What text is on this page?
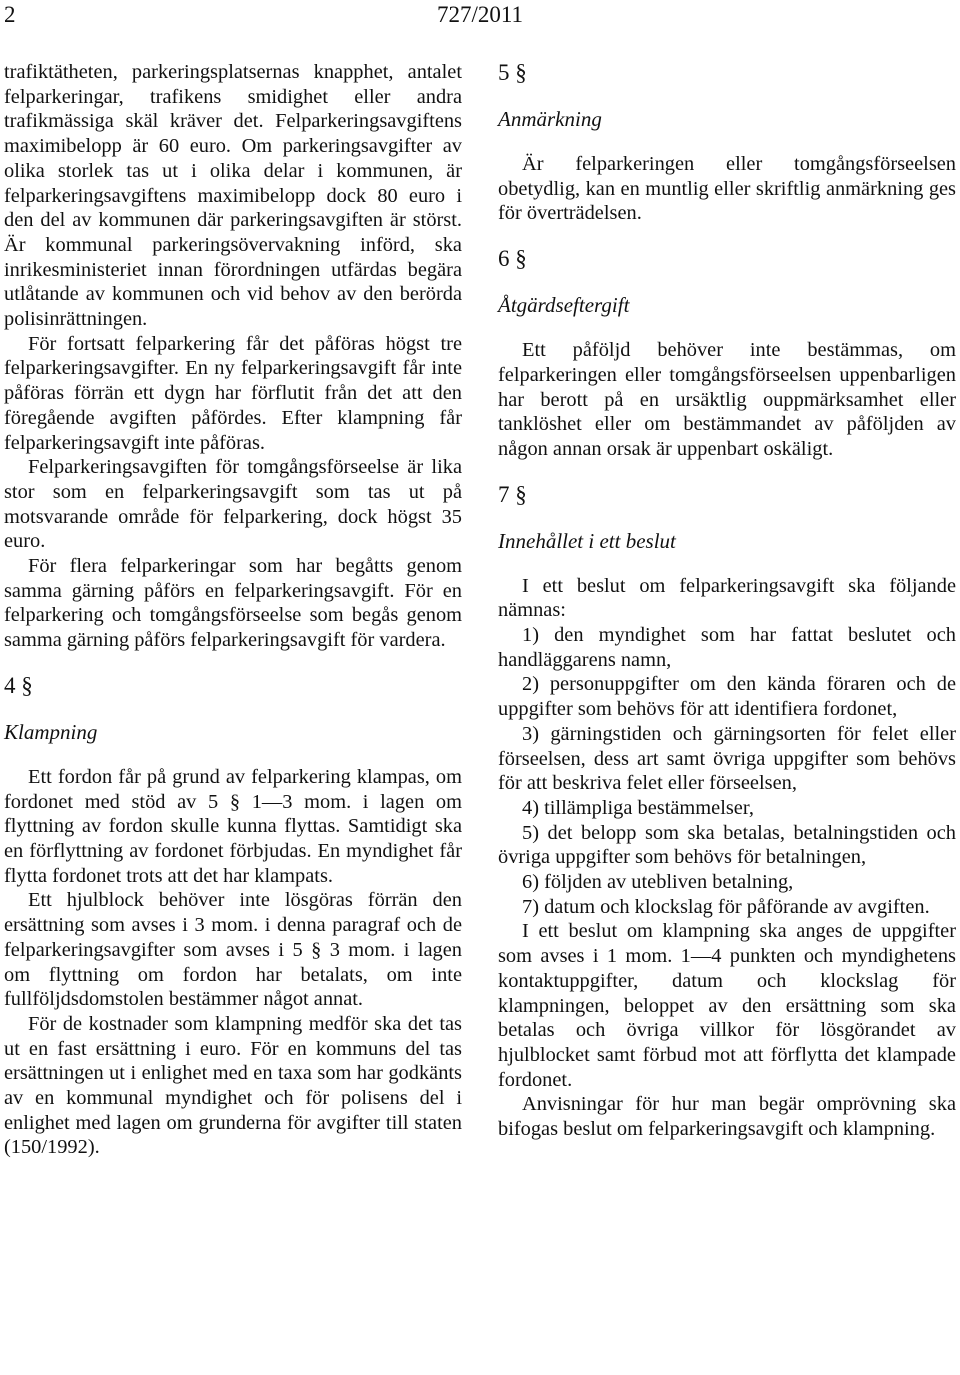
2	727/2011

trafiktätheten, parkeringsplatsernas knapphet, antalet felparkeringar, trafikens smidighet eller andra trafikmässiga skäl kräver det. Felparkeringsavgiftens maximibelopp är 60 euro. Om parkeringsavgifter av olika storlek tas ut i olika delar i kommunen, är felparkeringsavgiftens maximibelopp dock 80 euro i den del av kommunen där parkeringsavgiften är störst. Är kommunal parkeringsövervakning införd, ska inrikesministeriet innan förordningen utfärdas begära utlåtande av kommunen och vid behov av den berörda polisinrättningen.

För fortsatt felparkering får det påföras högst tre felparkeringsavgifter. En ny felparkeringsavgift får inte påföras förrän ett dygn har förflutit från det att den föregående avgiften påfördes. Efter klampning får felparkeringsavgift inte påföras.

Felparkeringsavgiften för tomgångsförseelse är lika stor som en felparkeringsavgift som tas ut på motsvarande område för felparkering, dock högst 35 euro.

För flera felparkeringar som har begåtts genom samma gärning påförs en felparkeringsavgift. För en felparkering och tomgångsförseelse som begås genom samma gärning påförs felparkeringsavgift för vardera.

4 §

Klampning

Ett fordon får på grund av felparkering klampas, om fordonet med stöd av 5 § 1—3 mom. i lagen om flyttning av fordon skulle kunna flyttas. Samtidigt ska en förflyttning av fordonet förbjudas. En myndighet får flytta fordonet trots att det har klampats.

Ett hjulblock behöver inte lösgöras förrän den ersättning som avses i 3 mom. i denna paragraf och de felparkeringsavgifter som avses i 5 § 3 mom. i lagen om flyttning om fordon har betalats, om inte fullföljdsdomstolen bestämmer något annat.

För de kostnader som klampning medför ska det tas ut en fast ersättning i euro. För en kommuns del tas ersättningen ut i enlighet med en taxa som har godkänts av en kommunal myndighet och för polisens del i enlighet med lagen om grunderna för avgifter till staten (150/1992).

5 §

Anmärkning

Är felparkeringen eller tomgångsförseelsen obetydlig, kan en muntlig eller skriftlig anmärkning ges för överträdelsen.

6 §

Åtgärdseftergift

Ett påföljd behöver inte bestämmas, om felparkeringen eller tomgångsförseelsen uppenbarligen har berott på en ursäktlig ouppmärksamhet eller tanklöshet eller om bestämmandet av påföljden av någon annan orsak är uppenbart oskäligt.

7 §

Innehållet i ett beslut

I ett beslut om felparkeringsavgift ska följande nämnas:

1) den myndighet som har fattat beslutet och handläggarens namn,

2) personuppgifter om den kända föraren och de uppgifter som behövs för att identifiera fordonet,

3) gärningstiden och gärningsorten för felet eller förseelsen, dess art samt övriga uppgifter som behövs för att beskriva felet eller förseelsen,

4) tillämpliga bestämmelser,

5) det belopp som ska betalas, betalningstiden och övriga uppgifter som behövs för betalningen,

6) följden av utebliven betalning,

7) datum och klockslag för påförande av avgiften.

I ett beslut om klampning ska anges de uppgifter som avses i 1 mom. 1—4 punkten och myndighetens kontaktuppgifter, datum och klockslag för klampningen, beloppet av den ersättning som ska betalas och övriga villkor för lösgörandet av hjulblocket samt förbud mot att förflytta det klampade fordonet.

Anvisningar för hur man begär omprövning ska bifogas beslut om felparkeringsavgift och klampning.
